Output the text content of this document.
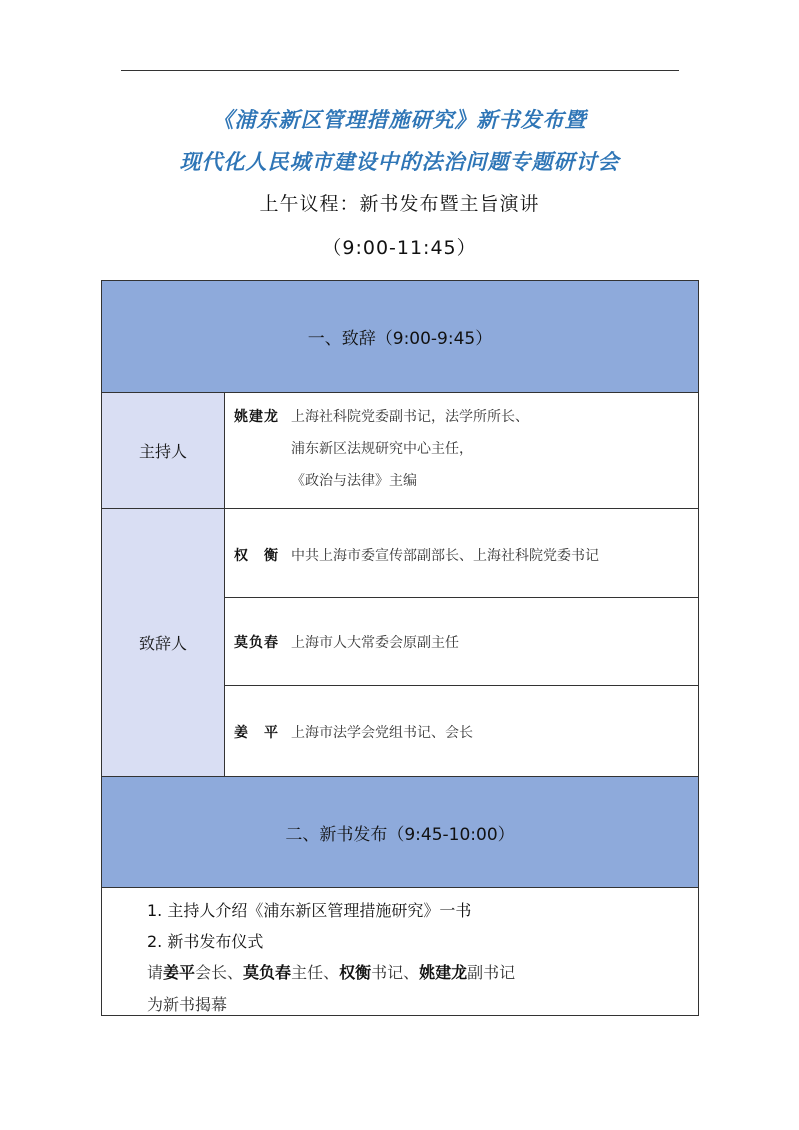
《浦东新区管理措施研究》新书发布暨
现代化人民城市建设中的法治问题专题研讨会
上午议程：新书发布暨主旨演讲
（9:00-11:45）
一、致辞（9:00-9:45）
主持人
姚建龙 上海社科院党委副书记，法学所所长、
浦东新区法规研究中心主任，
《政治与法律》主编
致辞人
权　衡 中共上海市委宣传部副部长、上海社科院党委书记
莫负春 上海市人大常委会原副主任
姜　平 上海市法学会党组书记、会长
二、新书发布（9:45-10:00）
1. 主持人介绍《浦东新区管理措施研究》一书
2. 新书发布仪式
请姜平会长、莫负春主任、权衡书记、姚建龙副书记
为新书揭幕
